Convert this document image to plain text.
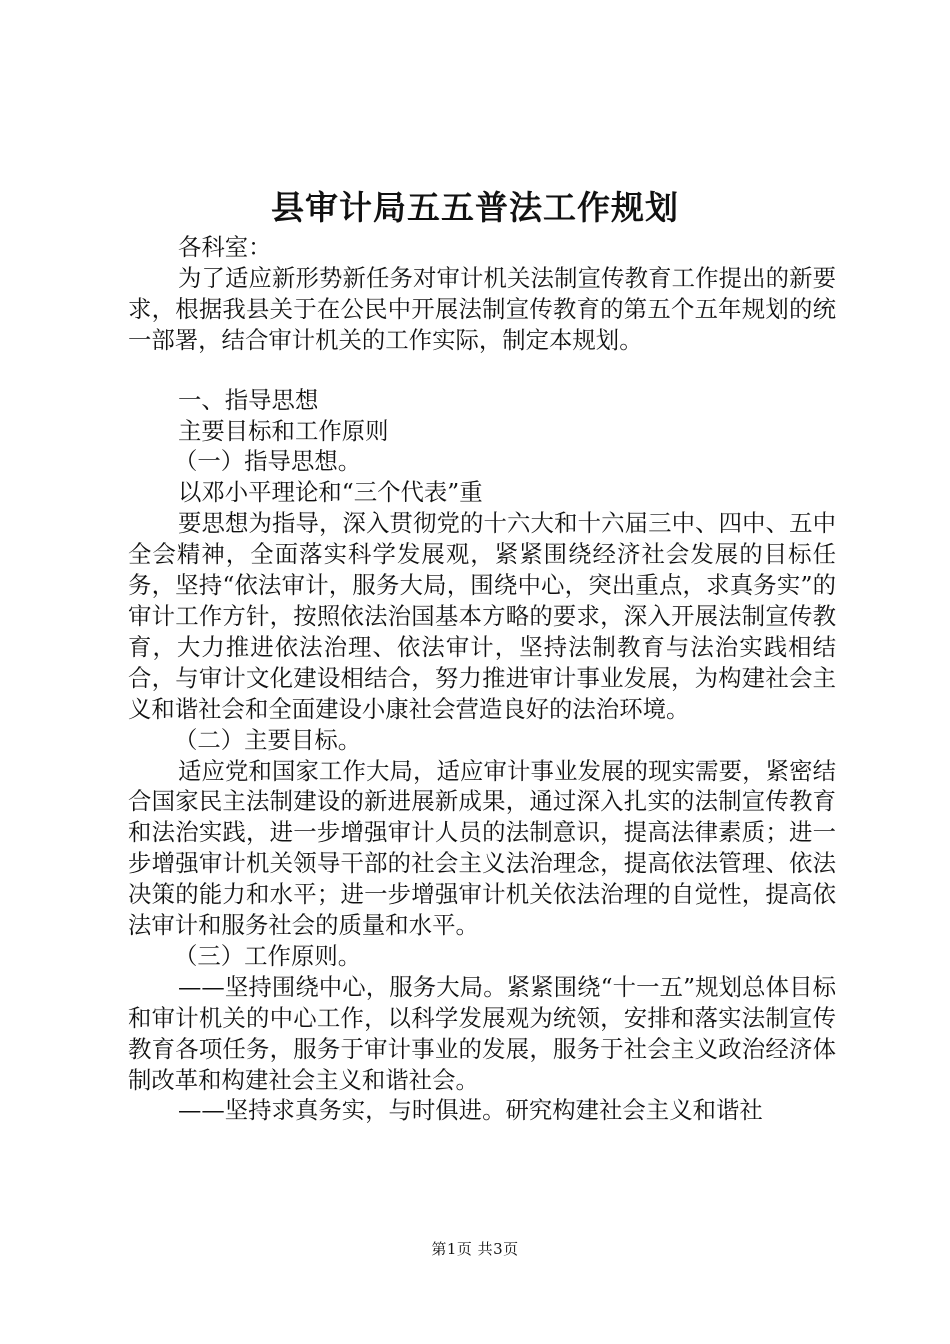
县审计局五五普法工作规划

各科室：

为了适应新形势新任务对审计机关法制宣传教育工作提出的新要求，根据我县关于在公民中开展法制宣传教育的第五个五年规划的统一部署，结合审计机关的工作实际，制定本规划。

一、指导思想

主要目标和工作原则

（一）指导思想。

以邓小平理论和“三个代表”重

要思想为指导，深入贯彻党的十六大和十六届三中、四中、五中全会精神，全面落实科学发展观，紧紧围绕经济社会发展的目标任务，坚持“依法审计，服务大局，围绕中心，突出重点，求真务实”的审计工作方针，按照依法治国基本方略的要求，深入开展法制宣传教育，大力推进依法治理、依法审计，坚持法制教育与法治实践相结合，与审计文化建设相结合，努力推进审计事业发展，为构建社会主义和谐社会和全面建设小康社会营造良好的法治环境。

（二）主要目标。

适应党和国家工作大局，适应审计事业发展的现实需要，紧密结合国家民主法制建设的新进展新成果，通过深入扎实的法制宣传教育和法治实践，进一步增强审计人员的法制意识，提高法律素质；进一步增强审计机关领导干部的社会主义法治理念，提高依法管理、依法决策的能力和水平；进一步增强审计机关依法治理的自觉性，提高依法审计和服务社会的质量和水平。

（三）工作原则。

——坚持围绕中心，服务大局。紧紧围绕“十一五”规划总体目标和审计机关的中心工作，以科学发展观为统领，安排和落实法制宣传教育各项任务，服务于审计事业的发展，服务于社会主义政治经济体制改革和构建社会主义和谐社会。

——坚持求真务实，与时俱进。研究构建社会主义和谐社

第1页 共3页
